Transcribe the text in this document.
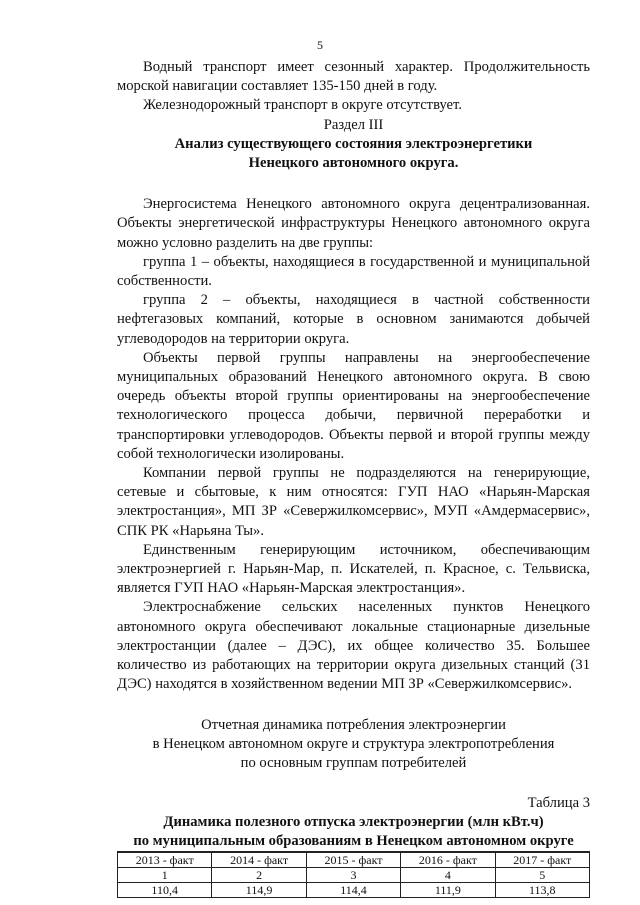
5

Водный транспорт имеет сезонный характер. Продолжительность морской навигации составляет 135-150 дней в году.

Железнодорожный транспорт в округе отсутствует.

Раздел III

Анализ существующего состояния электроэнергетики

Ненецкого автономного округа.

Энергосистема Ненецкого автономного округа децентрализованная. Объекты энергетической инфраструктуры Ненецкого автономного округа можно условно разделить на две группы:

группа 1 – объекты, находящиеся в государственной и муниципальной собственности.

группа 2 – объекты, находящиеся в частной собственности нефтегазовых компаний, которые в основном занимаются добычей углеводородов на территории округа.

Объекты первой группы направлены на энергообеспечение муниципальных образований Ненецкого автономного округа. В свою очередь объекты второй группы ориентированы на энергообеспечение технологического процесса добычи, первичной переработки и транспортировки углеводородов. Объекты первой и второй группы между собой технологически изолированы.

Компании первой группы не подразделяются на генерирующие, сетевые и сбытовые, к ним относятся: ГУП НАО «Нарьян-Марская электростанция», МП ЗР «Севержилкомсервис», МУП «Амдермасервис», СПК РК «Нарьяна Ты».

Единственным генерирующим источником, обеспечивающим электроэнергией г. Нарьян-Мар, п. Искателей, п. Красное, с. Тельвиска, является ГУП НАО «Нарьян-Марская электростанция».

Электроснабжение сельских населенных пунктов Ненецкого автономного округа обеспечивают локальные стационарные дизельные электростанции (далее – ДЭС), их общее количество 35. Большее количество из работающих на территории округа дизельных станций (31 ДЭС) находятся в хозяйственном ведении МП ЗР «Севержилкомсервис».

Отчетная динамика потребления электроэнергии

в Ненецком автономном округе и структура электропотребления

по основным группам потребителей

Таблица 3

Динамика полезного отпуска электроэнергии (млн кВт.ч)
по муниципальным образованиям в Ненецком автономном округе
2013 - факт	2014 - факт	2015 - факт	2016 - факт	2017 - факт
1	2	3	4	5
110,4	114,9	114,4	111,9	113,8
